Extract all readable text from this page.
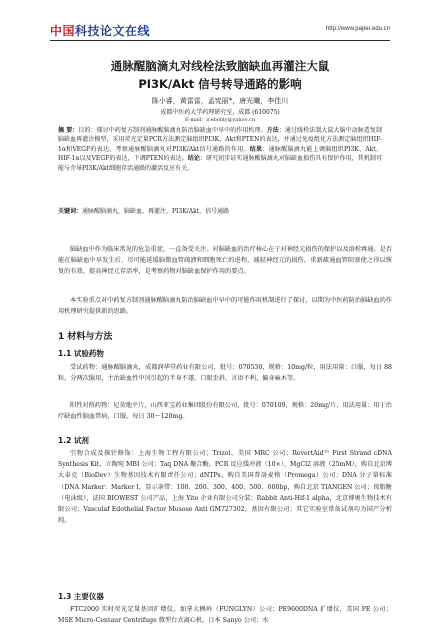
中国 科技论文在线	http://www.paper.edu.cn
通脉醒脑滴丸对线栓法致脑缺血再灌注大鼠
PI3K/Akt 信号转导通路的影响
陈小睿，黄雷雷，孟宪丽*，唐光曦，李佳川
成都中医药大学药理研究室，成都 (610075)
E-mail：icebobly@yahoo.cn
摘 要：目的：探讨中药复方制剂通脉醒脑滴丸防治脑缺血中早中的作用机理。方法：通过线栓法制大鼠大脑中动脉造复制脑缺血再灌注模型，采用荧光定量PCR方法测定脑组织PI3K、Akt和PTEN的表达，并通过免疫组化方法测定脑组织HIF-1α和VEGF的表达。考察通脉醒脑滴丸对PI3K/Akt信号通路的作用。结果：通脉醒脑滴丸能上调脑组织PI3K、Akt、HIF-1α以及VEGF的表达，下调PTEN的表达。结论：研究初步证实通脉醒脑滴丸对脑缺血损伤具有保护作用，其机制可能与介导PI3K/Akt细胞存活通路的激活反应有关。
关键词：通脉醒脑滴丸，脑缺血，再灌注，PI3K/Akt，信号通路
脑缺血中作为临床常见的危急重症，一直备受关注。对脑缺血的治疗核心在于对神经元损伤的保护以及溶栓再通。是否能在脑缺血中早发生后，尽可能延缓脑微血管疏液和细胞死亡的进程，减轻神经元的损伤，重新疏通血管阻塞使之得以恢复的有效、提高神经元存活率，是考察药物对脑缺血保护作用的要点。
本实验重点对中药复方制剂通脉醒脑滴丸防治脑缺血中早中的可能作用机制进行了探讨，以期为中医药防治脑缺血的作用机理研究提供新的思路。
1 材料与方法
1.1 试验药物
受试药物：通脉醒脑滴丸，成都润华堂药业有限公司，批号：070530，规格：10mg/粒，用法用量：口服，每日 88 粒，分两次服用，主治缺血性中风引起的半身不遂、口眼歪斜、言语不利、偏身麻木等。
阳性对照药物：尼莫地平片，山西亚宝药业集团股份有限公司，批号：070109，规格：20mg/片，用法用量：用于治疗缺血性脑血管病，口服，每日 30～120mg。
1.2 试剂
引物合成及探针修饰：上海生物工程有限公司；Trizol，美国 MRC 公司；RevertAid™ First Strand cDNA Synthesis Kit，立陶宛 MBI 公司；Taq DNA 聚合酶，PCR 反应缓冲液（10×），MgCl2 溶液（25mM），购自北京博大泰克（BioDev）生物基因技术有限责任公司；dNTPs，购自美国普洛麦格（Promega）公司；DNA 分子量标准（DNA Marker：Marker Ⅰ，显示条带：100、200、300、400、500、600bp，购自北京 TIANGEN 公司；琼脂糖（电泳级），法国 BIOWEST 公司产品，上海 Yito 企业有限公司分装；Rabbit Anti-Hif-1 alpha，北京博奥生物技术有限公司；Vasculaf Edothelial Factor Musose Anti GM727302，基因有限公司；其它实验室常备试剂均为国产分析纯。
1.3 主要仪器
FTC2000 实时荧光定量基因扩增仪，加拿大枫岭（FUNGLYN）公司；PE9600DNA 扩增仪，美国 PE 公司；MSE Micro-Centaur Centrifuge 微型台式离心机，日本 Sanyo 公司；水
